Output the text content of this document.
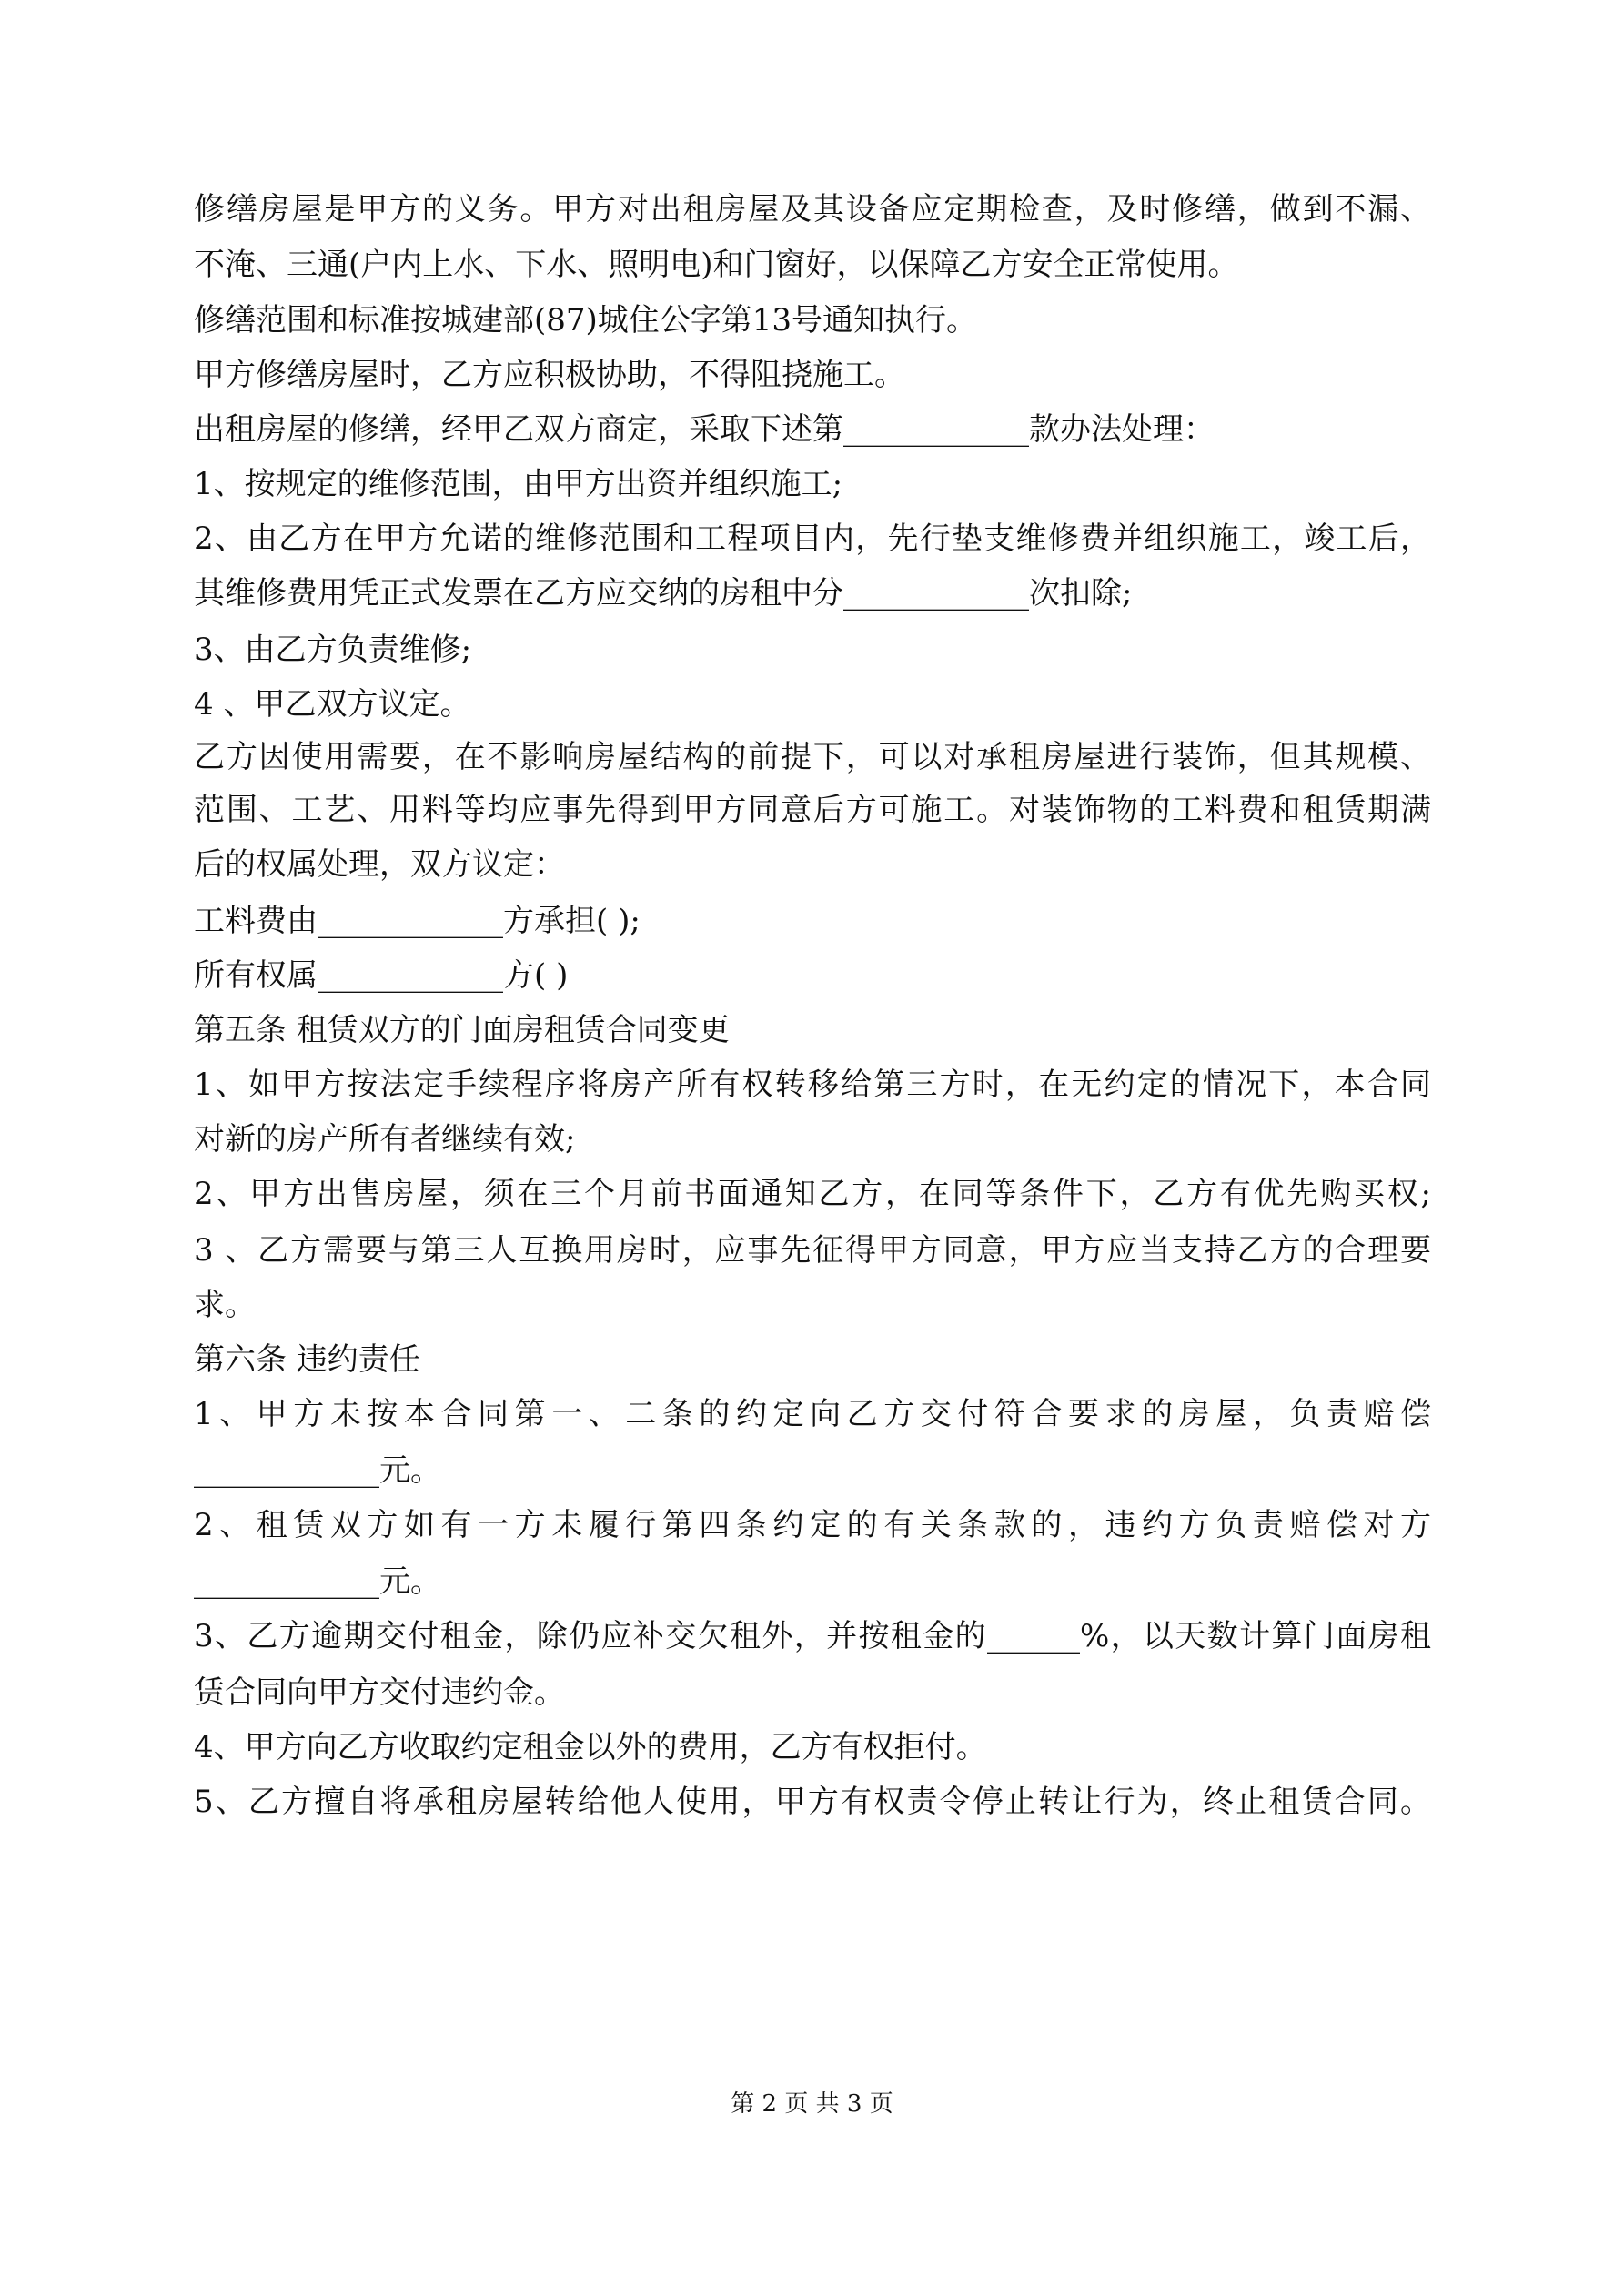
修缮房屋是甲方的义务。甲方对出租房屋及其设备应定期检查，及时修缮，做到不漏、
不淹、三通(户内上水、下水、照明电)和门窗好，以保障乙方安全正常使用。
修缮范围和标准按城建部(87)城住公字第13号通知执行。
甲方修缮房屋时，乙方应积极协助，不得阻挠施工。
出租房屋的修缮，经甲乙双方商定，采取下述第____________款办法处理：
1、按规定的维修范围，由甲方出资并组织施工;
2、由乙方在甲方允诺的维修范围和工程项目内，先行垫支维修费并组织施工，竣工后，
其维修费用凭正式发票在乙方应交纳的房租中分____________次扣除;
3、由乙方负责维修;
4 、甲乙双方议定。
乙方因使用需要，在不影响房屋结构的前提下，可以对承租房屋进行装饰，但其规模、
范围、工艺、用料等均应事先得到甲方同意后方可施工。对装饰物的工料费和租赁期满
后的权属处理，双方议定：
工料费由____________方承担( );
所有权属____________方( )
第五条 租赁双方的门面房租赁合同变更
1、如甲方按法定手续程序将房产所有权转移给第三方时，在无约定的情况下，本合同
对新的房产所有者继续有效;
2、甲方出售房屋，须在三个月前书面通知乙方，在同等条件下，乙方有优先购买权;
3 、乙方需要与第三人互换用房时，应事先征得甲方同意，甲方应当支持乙方的合理要
求。
第六条 违约责任
1、甲方未按本合同第一、二条的约定向乙方交付符合要求的房屋，负责赔偿
____________元。
2、租赁双方如有一方未履行第四条约定的有关条款的，违约方负责赔偿对方
____________元。
3、乙方逾期交付租金，除仍应补交欠租外，并按租金的______%，以天数计算门面房租
赁合同向甲方交付违约金。
4、甲方向乙方收取约定租金以外的费用，乙方有权拒付。
5、乙方擅自将承租房屋转给他人使用，甲方有权责令停止转让行为，终止租赁合同。
第 2 页 共 3 页
